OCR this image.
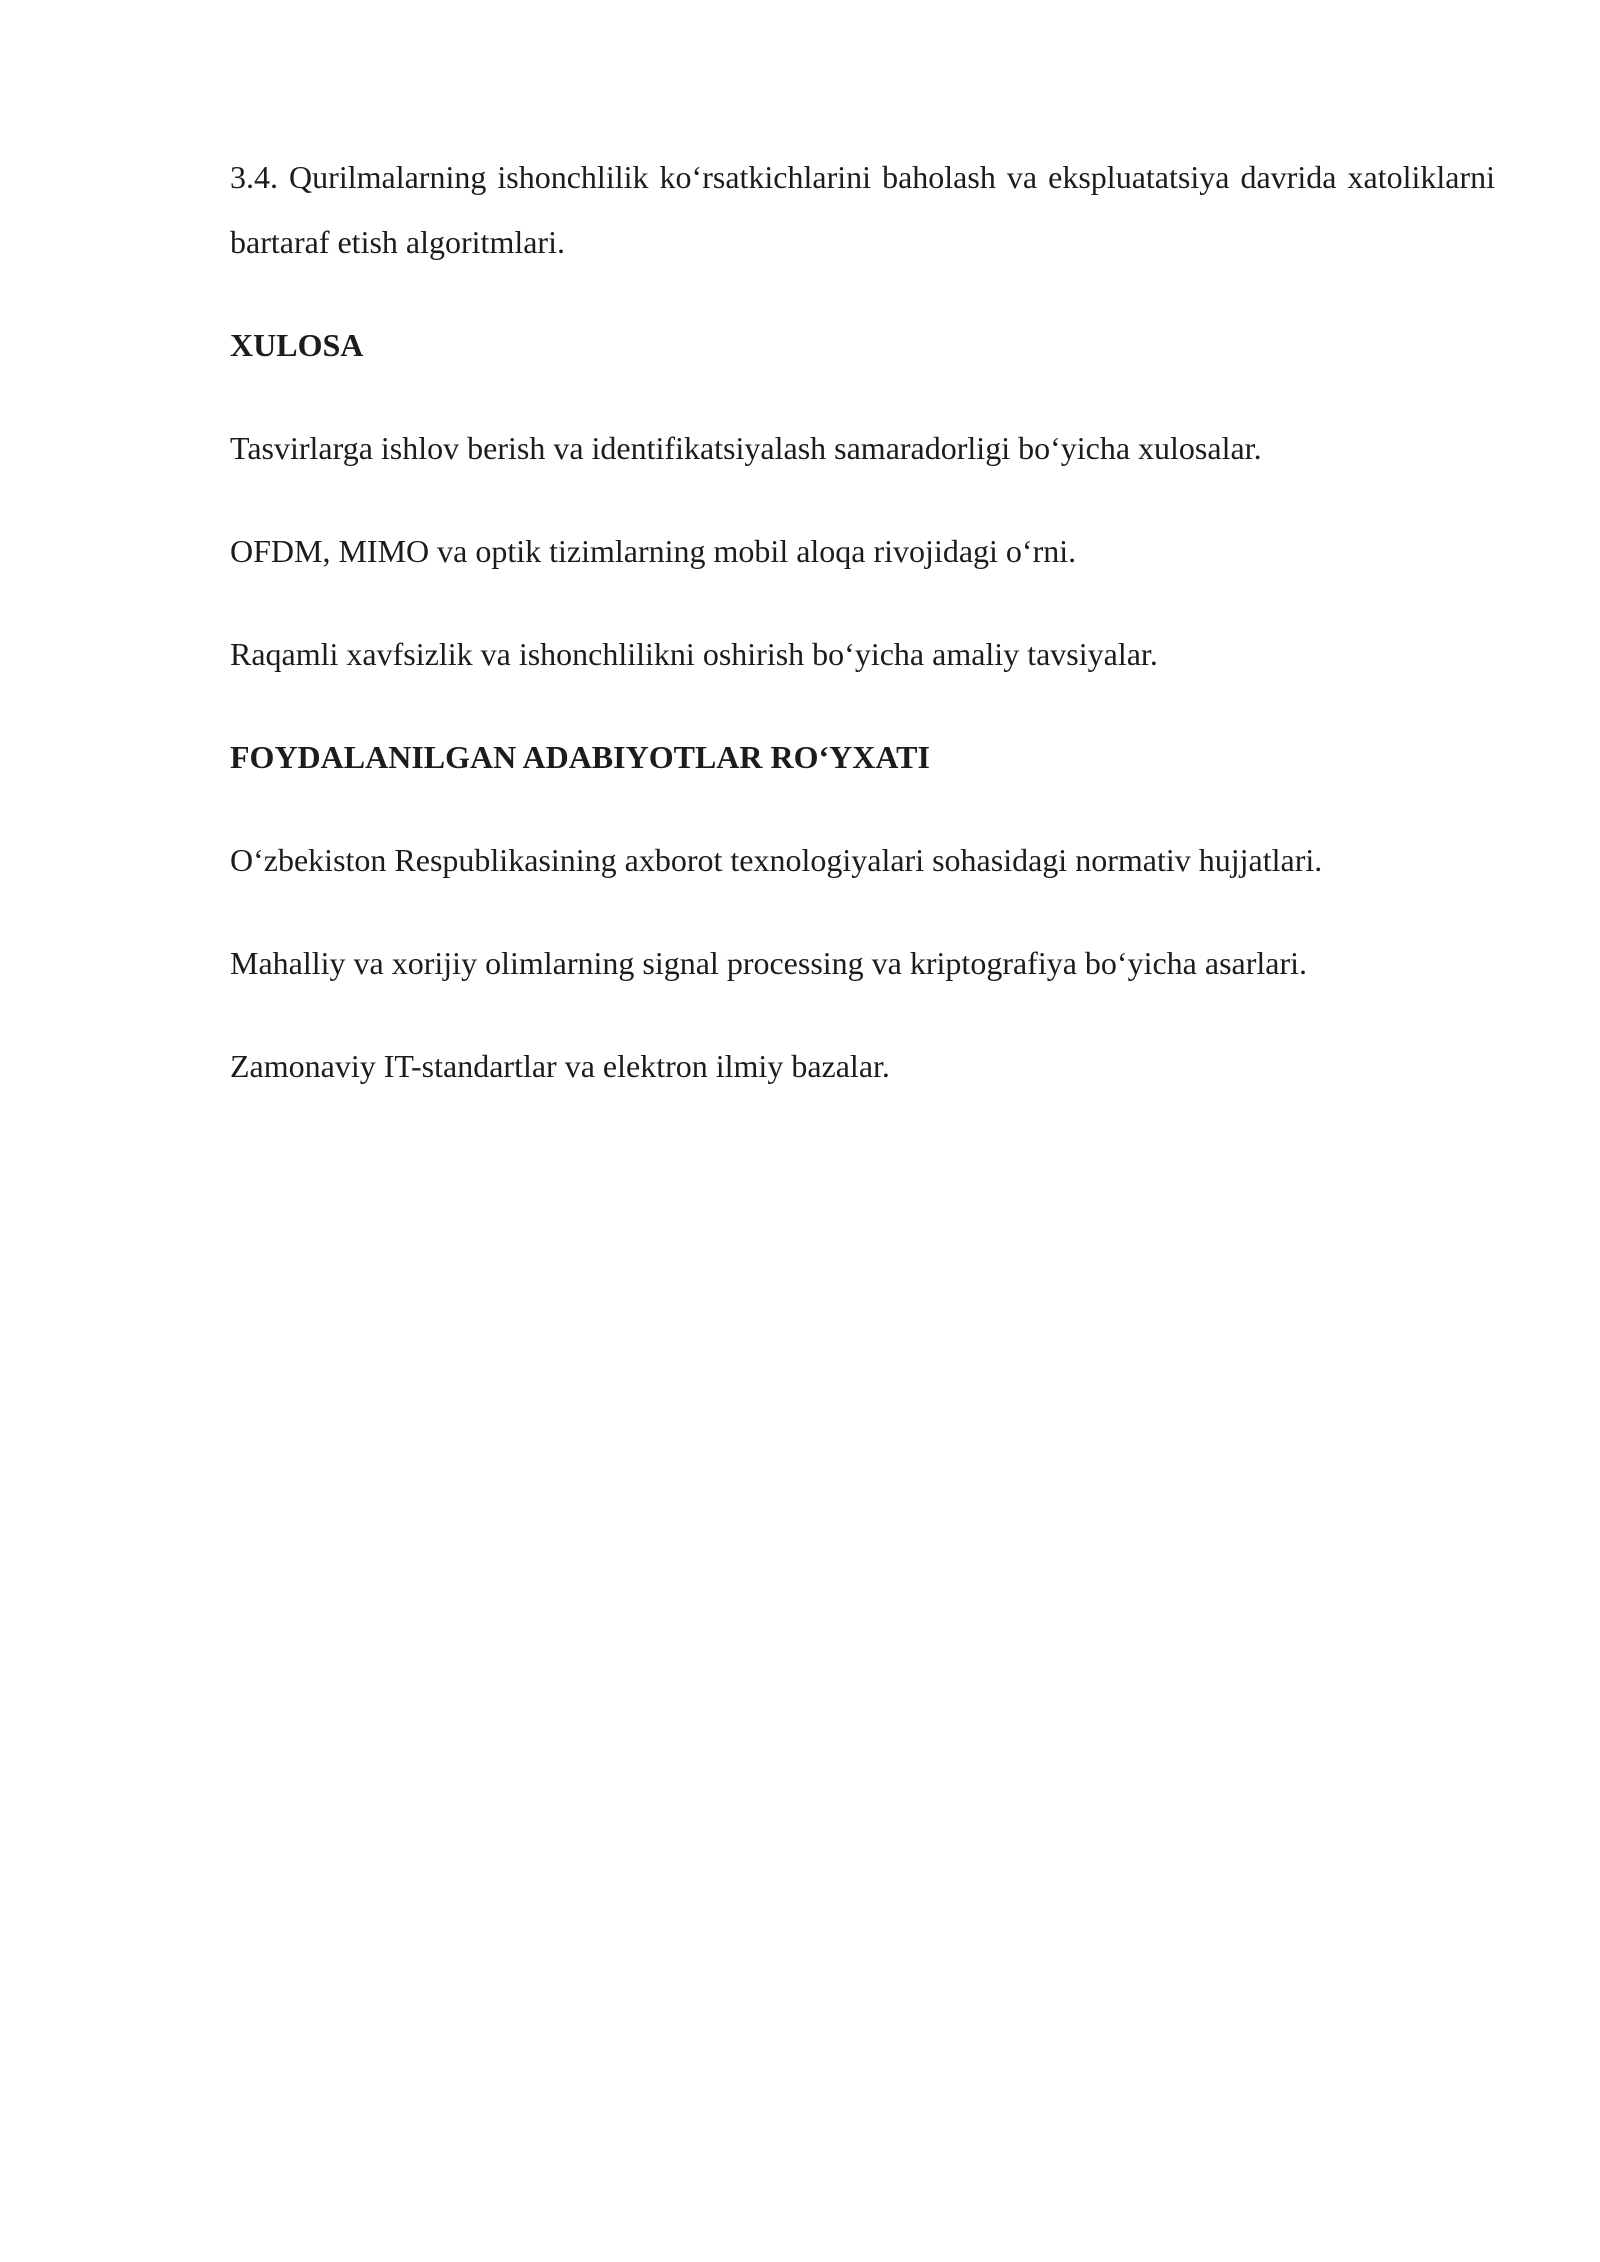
3.4. Qurilmalarning ishonchlilik ko‘rsatkichlarini baholash va ekspluatatsiya davrida xatoliklarni bartaraf etish algoritmlari.

XULOSA

Tasvirlarga ishlov berish va identifikatsiyalash samaradorligi bo‘yicha xulosalar.

OFDM, MIMO va optik tizimlarning mobil aloqa rivojidagi o‘rni.

Raqamli xavfsizlik va ishonchlilikni oshirish bo‘yicha amaliy tavsiyalar.

FOYDALANILGAN ADABIYOTLAR RO‘YXATI

O‘zbekiston Respublikasining axborot texnologiyalari sohasidagi normativ hujjatlari.

Mahalliy va xorijiy olimlarning signal processing va kriptografiya bo‘yicha asarlari.

Zamonaviy IT-standartlar va elektron ilmiy bazalar.
